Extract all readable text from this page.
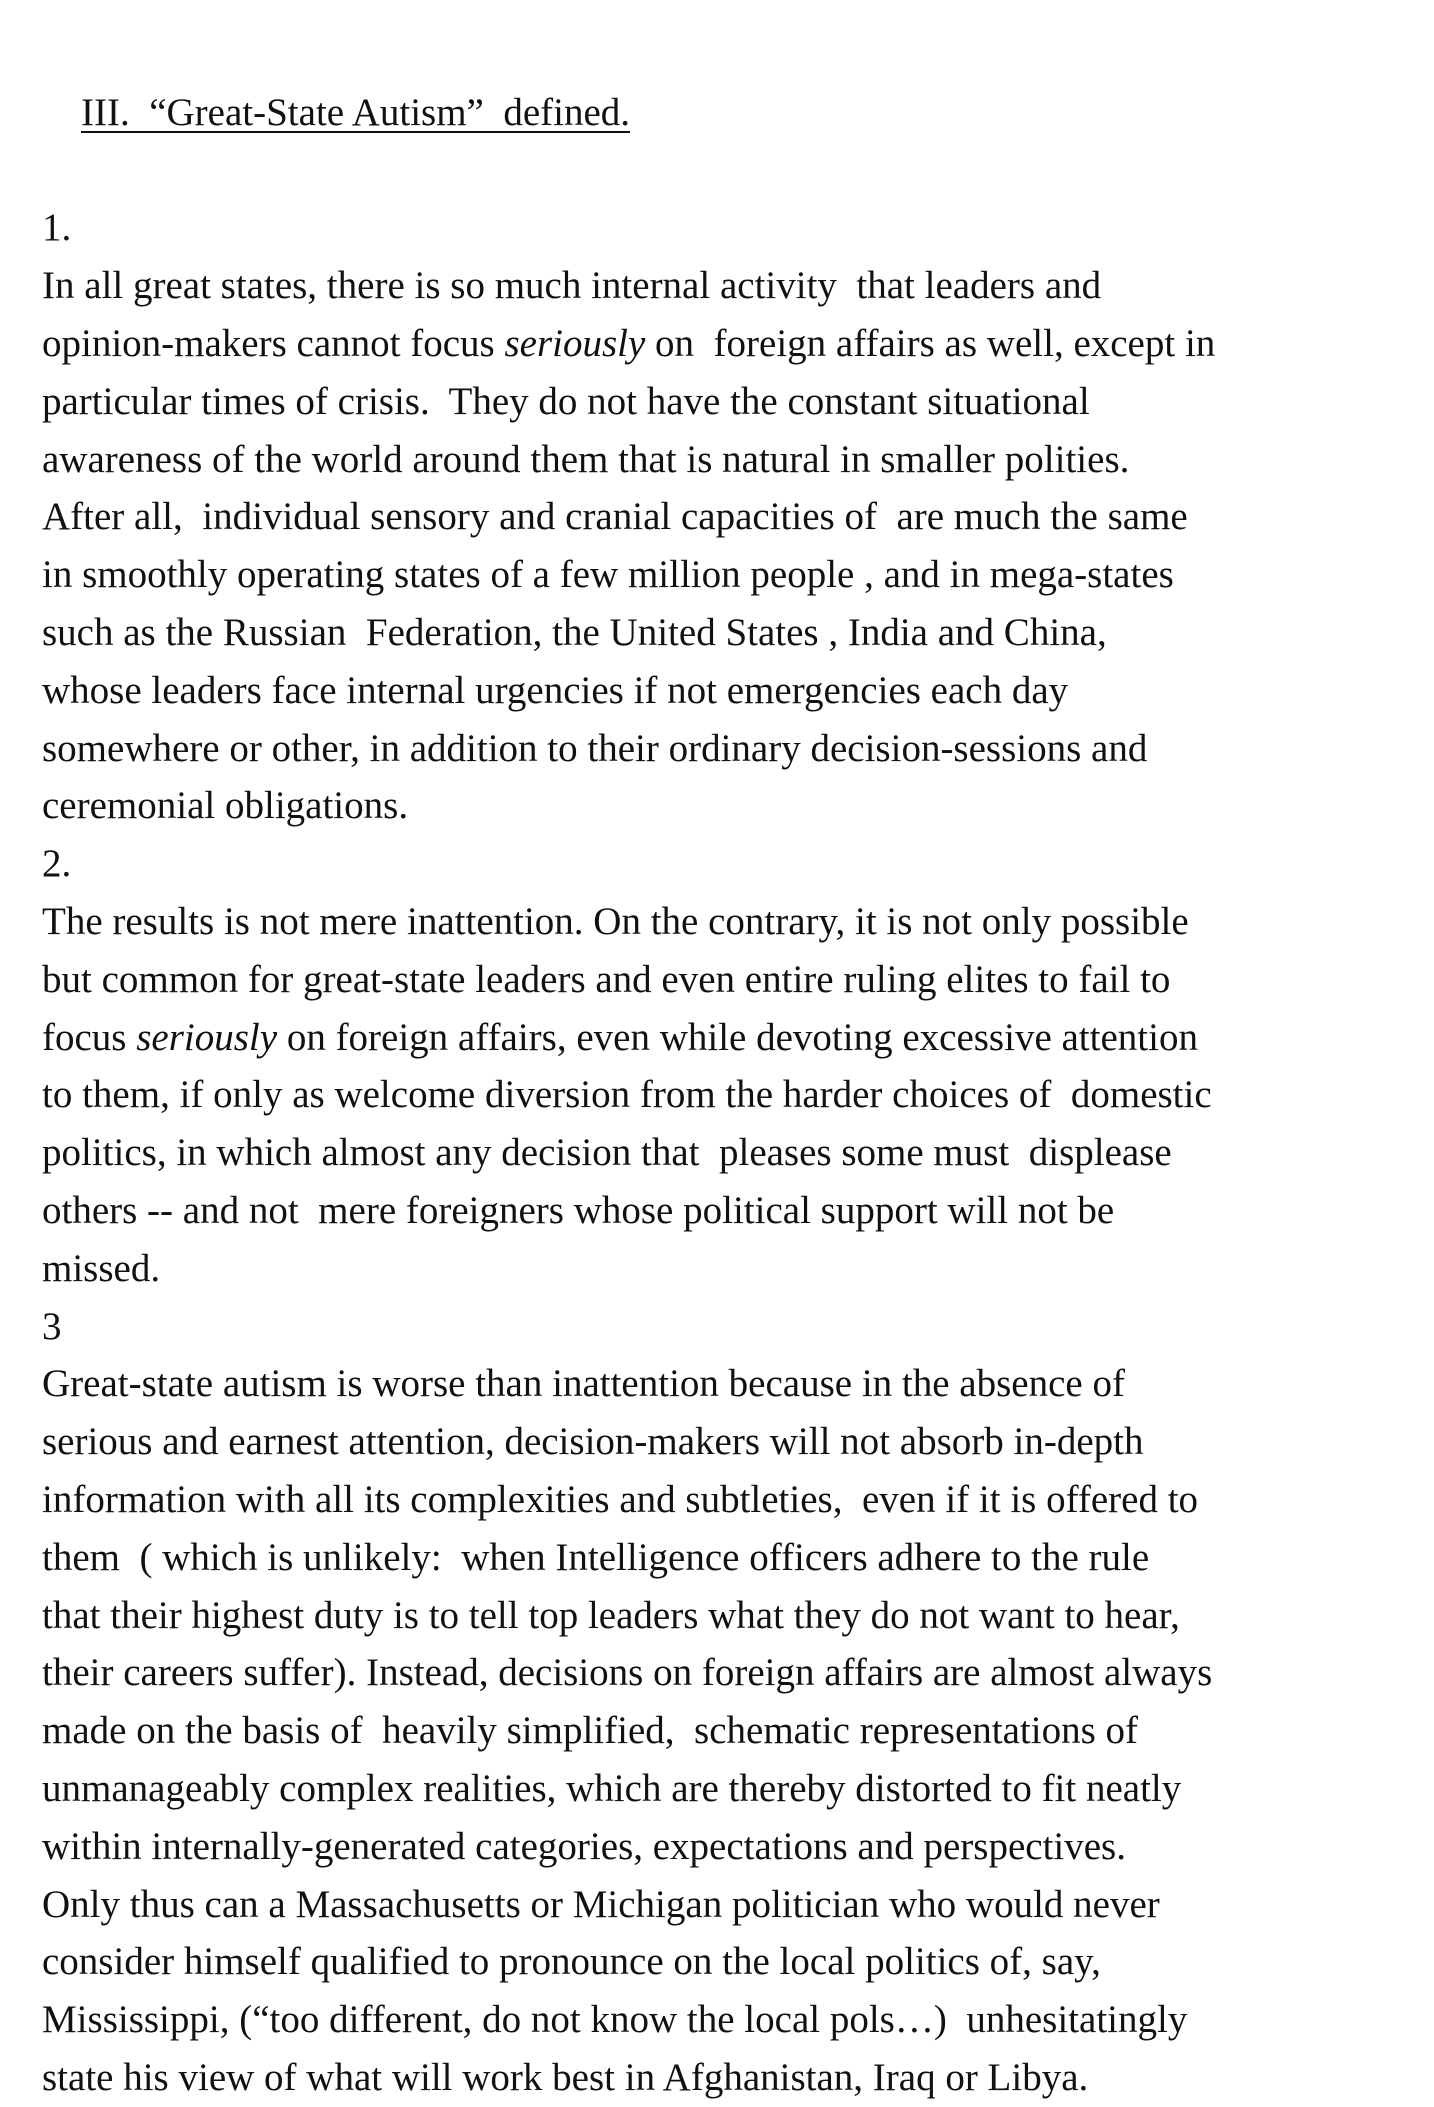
III.  “Great-State Autism”  defined.

1.
In all great states, there is so much internal activity  that leaders and
opinion-makers cannot focus seriously on  foreign affairs as well, except in
particular times of crisis.  They do not have the constant situational
awareness of the world around them that is natural in smaller polities.
After all,  individual sensory and cranial capacities of  are much the same
in smoothly operating states of a few million people , and in mega-states
such as the Russian  Federation, the United States , India and China,
whose leaders face internal urgencies if not emergencies each day
somewhere or other, in addition to their ordinary decision-sessions and
ceremonial obligations.
2.
The results is not mere inattention. On the contrary, it is not only possible
but common for great-state leaders and even entire ruling elites to fail to
focus seriously on foreign affairs, even while devoting excessive attention
to them, if only as welcome diversion from the harder choices of  domestic
politics, in which almost any decision that  pleases some must  displease
others -- and not  mere foreigners whose political support will not be
missed.
3
Great-state autism is worse than inattention because in the absence of
serious and earnest attention, decision-makers will not absorb in-depth
information with all its complexities and subtleties,  even if it is offered to
them  ( which is unlikely:  when Intelligence officers adhere to the rule
that their highest duty is to tell top leaders what they do not want to hear,
their careers suffer). Instead, decisions on foreign affairs are almost always
made on the basis of  heavily simplified,  schematic representations of
unmanageably complex realities, which are thereby distorted to fit neatly
within internally-generated categories, expectations and perspectives.
Only thus can a Massachusetts or Michigan politician who would never
consider himself qualified to pronounce on the local politics of, say,
Mississippi, (“too different, do not know the local pols…)  unhesitatingly
state his view of what will work best in Afghanistan, Iraq or Libya.
